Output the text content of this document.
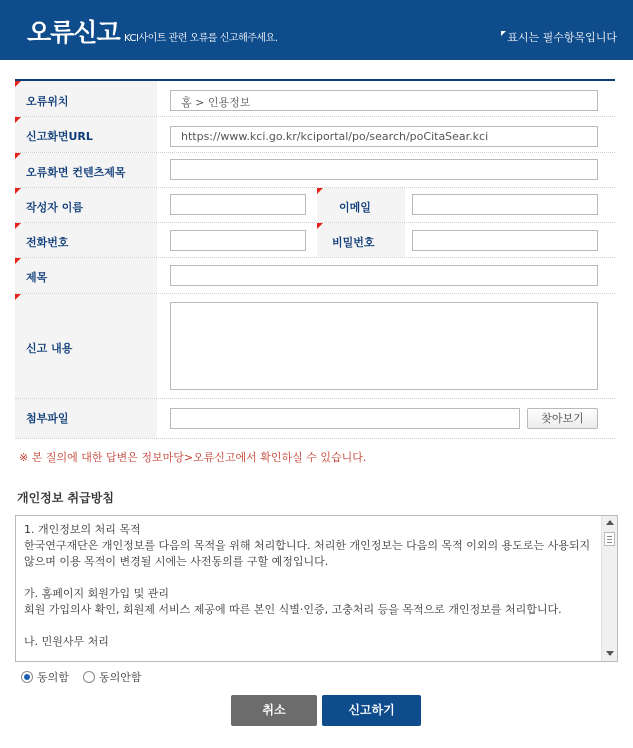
오류신고 KCI사이트 관련 오류를 신고해주세요.	표시는 필수항목입니다
오류위치	홈 > 인용정보
신고화면URL	https://www.kci.go.kr/kciportal/po/search/poCitaSear.kci
오류화면 컨텐츠제목
작성자 이름	이메일
전화번호	비밀번호
제목
신고 내용
첨부파일	찾아보기
※ 본 질의에 대한 답변은 정보마당>오류신고에서 확인하실 수 있습니다.
개인정보 취급방침

1. 개인정보의 처리 목적

한국연구재단은 개인정보를 다음의 목적을 위해 처리합니다. 처리한 개인정보는 다음의 목적 이외의 용도로는 사용되지 않으며 이용 목적이 변경될 시에는 사전동의를 구할 예정입니다.

가. 홈페이지 회원가입 및 관리

회원 가입의사 확인, 회원제 서비스 제공에 따른 본인 식별·인증, 고충처리 등을 목적으로 개인정보를 처리합니다.

나. 민원사무 처리

동의함	동의안함
취소	신고하기
